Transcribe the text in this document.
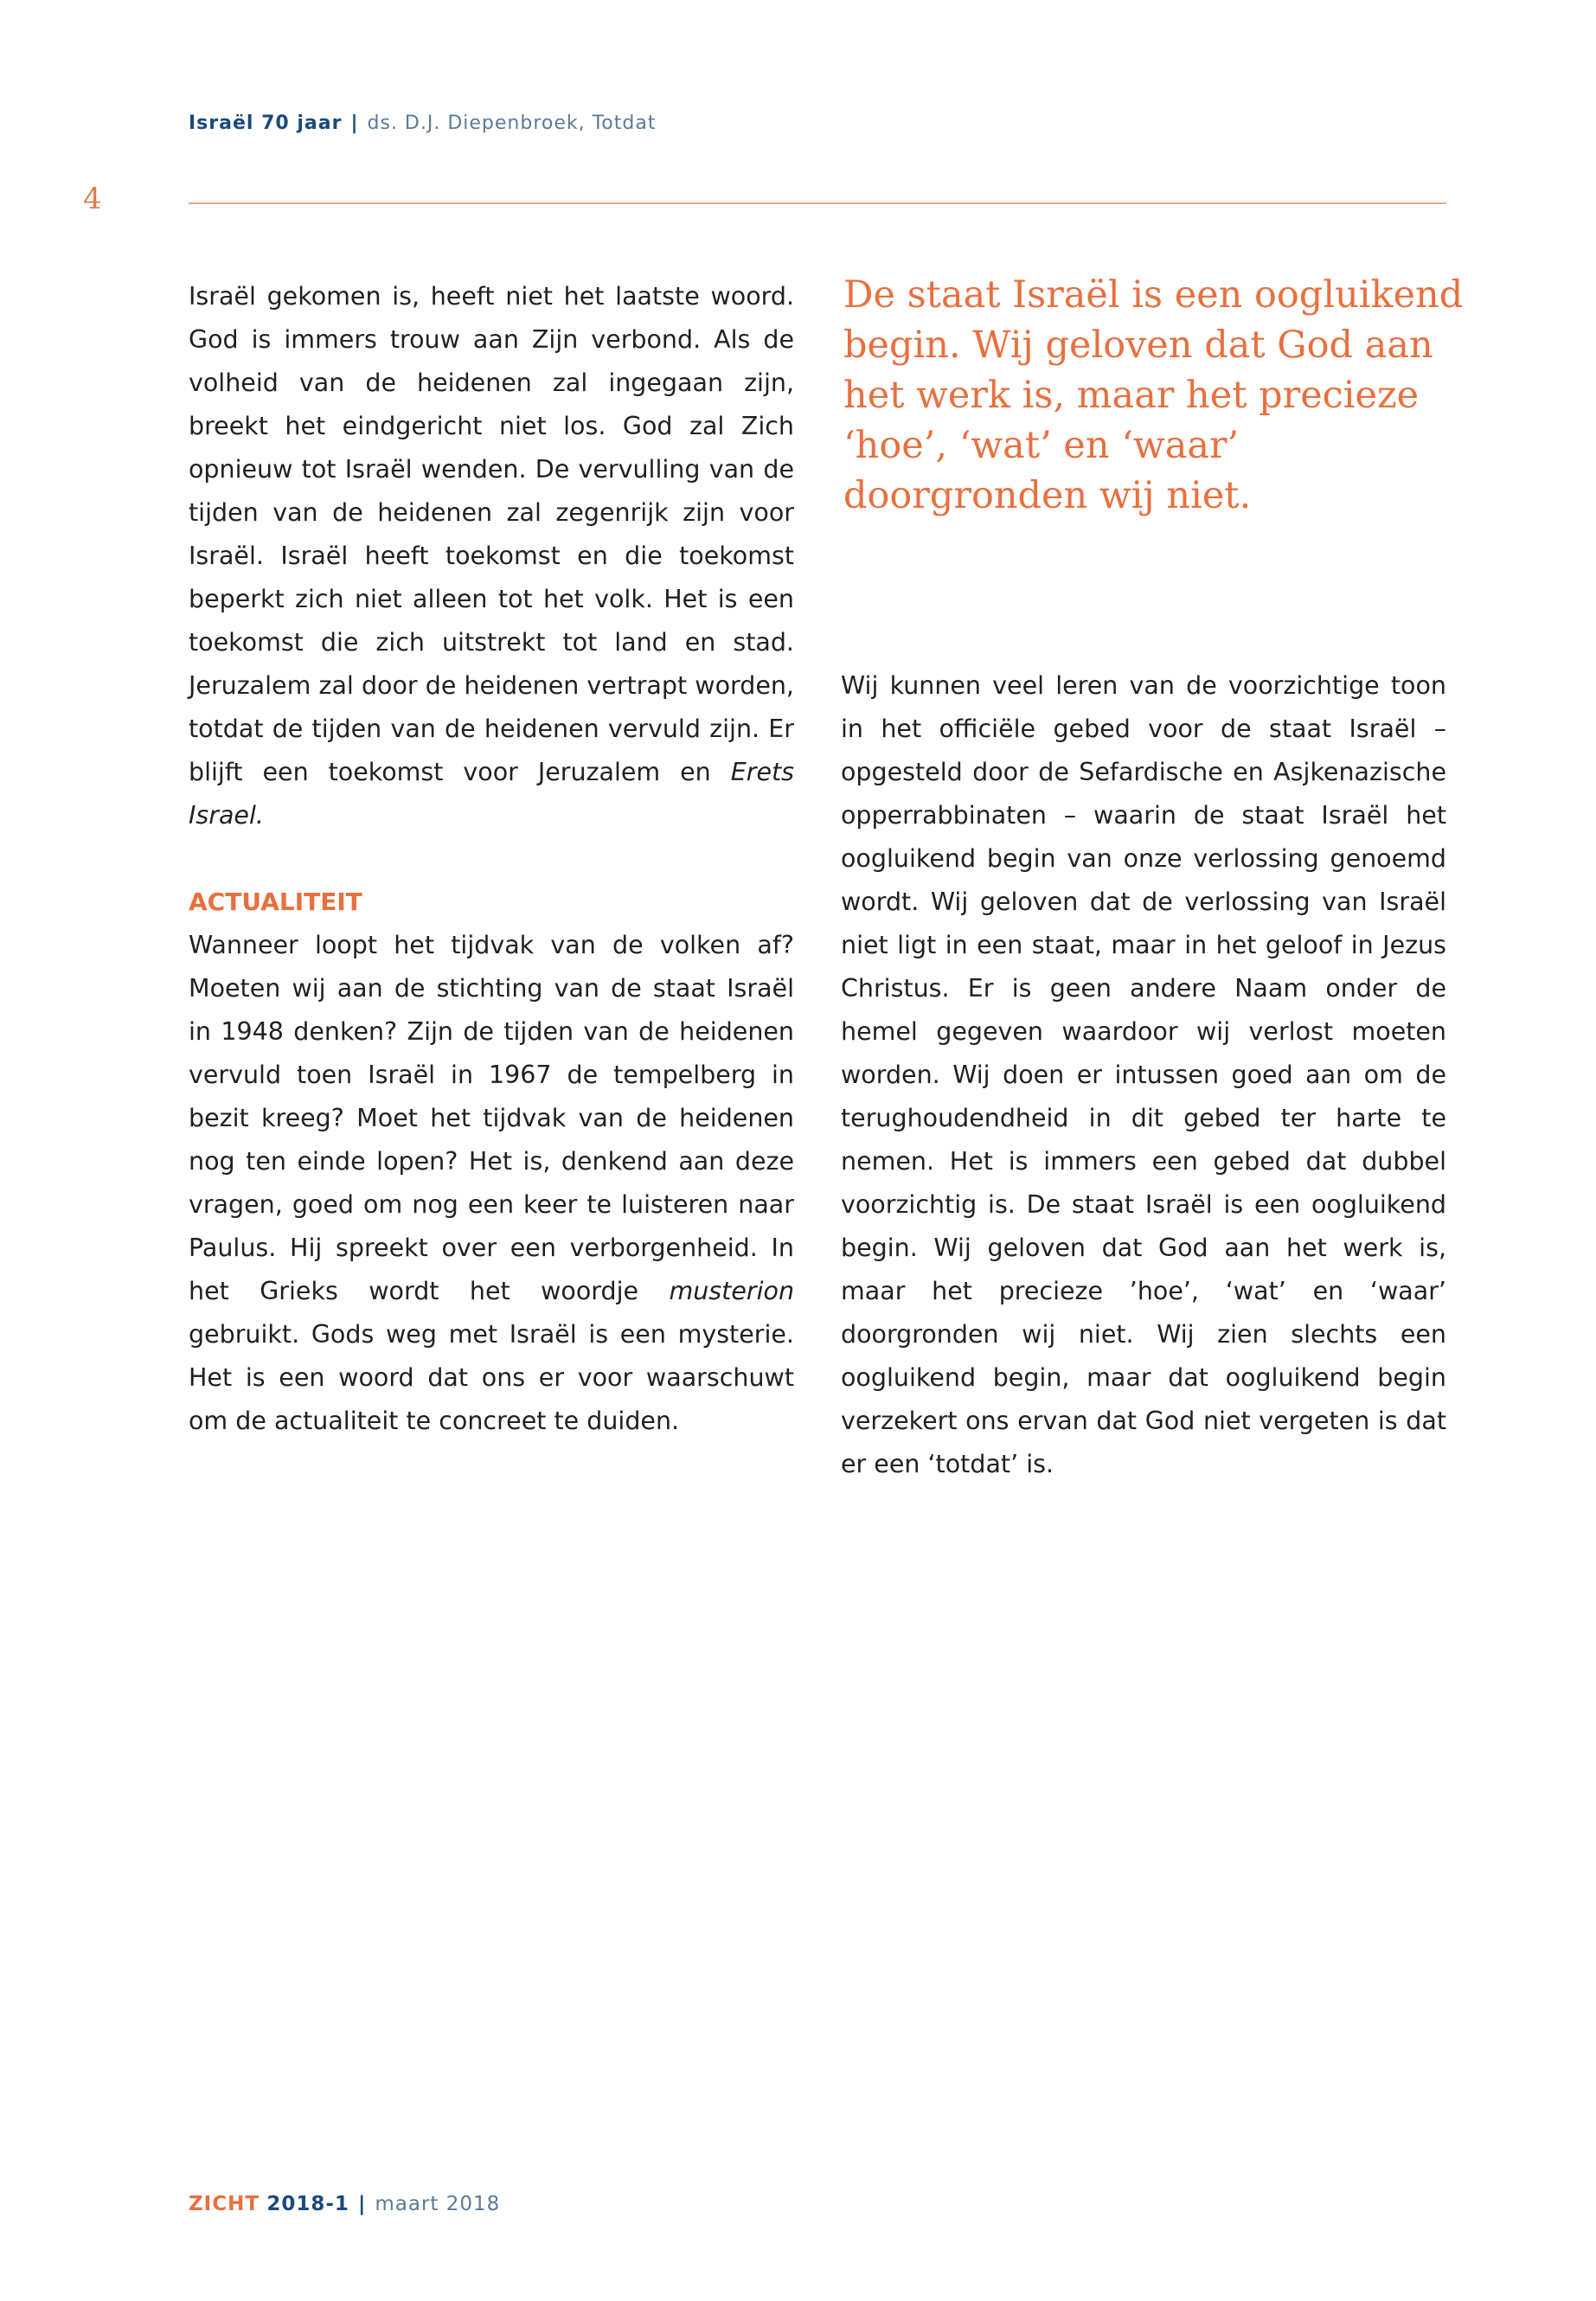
Israël 70 jaar | ds. D.J. Diepenbroek, Totdat
4

Israël gekomen is, heeft niet het laatste woord. God is immers trouw aan Zijn verbond. Als de volheid van de heidenen zal ingegaan zijn, breekt het eindgericht niet los. God zal Zich opnieuw tot Israël wenden. De vervulling van de tijden van de heidenen zal zegenrijk zijn voor Israël. Israël heeft toekomst en die toekomst beperkt zich niet alleen tot het volk. Het is een toekomst die zich uitstrekt tot land en stad. Jeruzalem zal door de heidenen vertrapt worden, totdat de tijden van de heidenen vervuld zijn. Er blijft een toekomst voor Jeruzalem en Erets Israel.

ACTUALITEIT

Wanneer loopt het tijdvak van de volken af? Moeten wij aan de stichting van de staat Israël in 1948 denken? Zijn de tijden van de heidenen vervuld toen Israël in 1967 de tempelberg in bezit kreeg? Moet het tijdvak van de heidenen nog ten einde lopen? Het is, denkend aan deze vragen, goed om nog een keer te luisteren naar Paulus. Hij spreekt over een verborgenheid. In het Grieks wordt het woordje musterion gebruikt. Gods weg met Israël is een mysterie. Het is een woord dat ons er voor waarschuwt om de actualiteit te concreet te duiden.

De staat Israël is een oogluikend begin. Wij geloven dat God aan het werk is, maar het precieze ‘hoe’, ‘wat’ en ‘waar’ doorgronden wij niet.

Wij kunnen veel leren van de voorzichtige toon in het officiële gebed voor de staat Israël – opgesteld door de Sefardische en Asjkenazische opperrabbinaten – waarin de staat Israël het oogluikend begin van onze verlossing genoemd wordt. Wij geloven dat de verlossing van Israël niet ligt in een staat, maar in het geloof in Jezus Christus. Er is geen andere Naam onder de hemel gegeven waardoor wij verlost moeten worden. Wij doen er intussen goed aan om de terughoudendheid in dit gebed ter harte te nemen. Het is immers een gebed dat dubbel voorzichtig is. De staat Israël is een oogluikend begin. Wij geloven dat God aan het werk is, maar het precieze ’hoe’, ‘wat’ en ‘waar’ doorgronden wij niet. Wij zien slechts een oogluikend begin, maar dat oogluikend begin verzekert ons ervan dat God niet vergeten is dat er een ‘totdat’ is.

ZICHT 2018-1 | maart 2018
